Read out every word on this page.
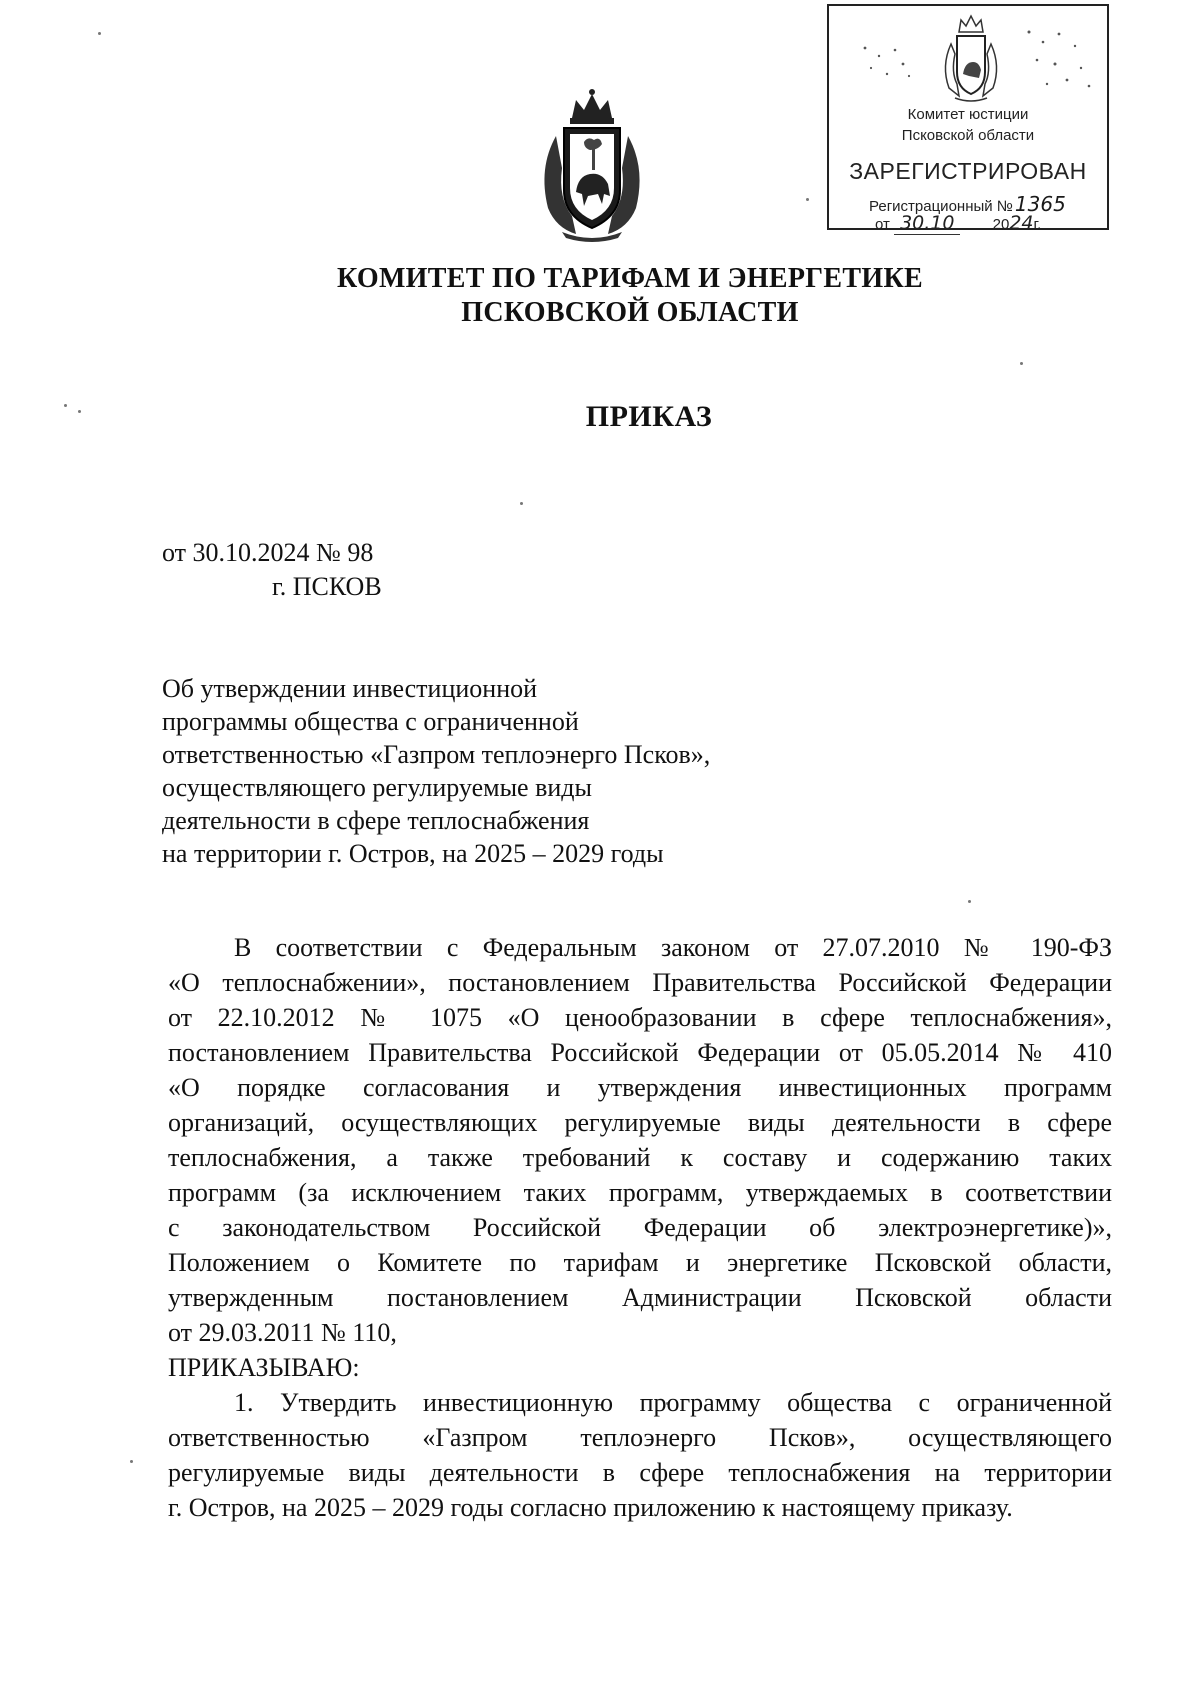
Комитет юстиции
Псковской области
ЗАРЕГИСТРИРОВАН
Регистрационный № 1365
от 30.10	2024г.
КОМИТЕТ ПО ТАРИФАМ И ЭНЕРГЕТИКЕ
ПСКОВСКОЙ ОБЛАСТИ
ПРИКАЗ
от 30.10.2024 № 98
г. ПСКОВ
Об утверждении инвестиционной
программы общества с ограниченной
ответственностью «Газпром теплоэнерго Псков»,
осуществляющего регулируемые виды
деятельности в сфере теплоснабжения
на территории г. Остров, на 2025 – 2029 годы
В соответствии с Федеральным законом от 27.07.2010 № 190-ФЗ
«О теплоснабжении», постановлением Правительства Российской Федерации
от 22.10.2012 № 1075 «О ценообразовании в сфере теплоснабжения»,
постановлением Правительства Российской Федерации от 05.05.2014 № 410
«О порядке согласования и утверждения инвестиционных программ
организаций, осуществляющих регулируемые виды деятельности в сфере
теплоснабжения, а также требований к составу и содержанию таких
программ (за исключением таких программ, утверждаемых в соответствии
с законодательством Российской Федерации об электроэнергетике)»,
Положением о Комитете по тарифам и энергетике Псковской области,
утвержденным постановлением Администрации Псковской области
от 29.03.2011 № 110,
ПРИКАЗЫВАЮ:
1. Утвердить инвестиционную программу общества с ограниченной
ответственностью «Газпром теплоэнерго Псков», осуществляющего
регулируемые виды деятельности в сфере теплоснабжения на территории
г. Остров, на 2025 – 2029 годы согласно приложению к настоящему приказу.
